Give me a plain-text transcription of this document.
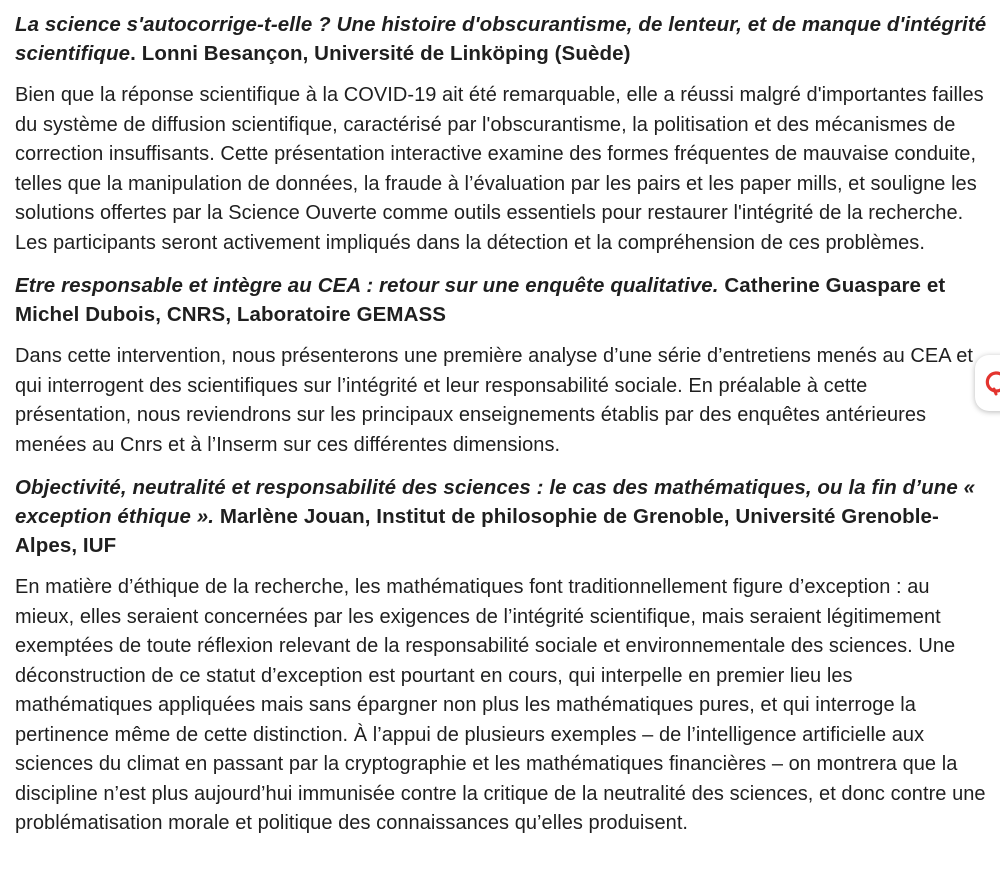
La science s'autocorrige-t-elle ? Une histoire d'obscurantisme, de lenteur, et de manque d'intégrité scientifique. Lonni Besançon, Université de Linköping (Suède)

Bien que la réponse scientifique à la COVID-19 ait été remarquable, elle a réussi malgré d'importantes failles du système de diffusion scientifique, caractérisé par l'obscurantisme, la politisation et des mécanismes de correction insuffisants. Cette présentation interactive examine des formes fréquentes de mauvaise conduite, telles que la manipulation de données, la fraude à l’évaluation par les pairs et les paper mills, et souligne les solutions offertes par la Science Ouverte comme outils essentiels pour restaurer l'intégrité de la recherche. Les participants seront activement impliqués dans la détection et la compréhension de ces problèmes.

Etre responsable et intègre au CEA : retour sur une enquête qualitative. Catherine Guaspare et Michel Dubois, CNRS, Laboratoire GEMASS

Dans cette intervention, nous présenterons une première analyse d’une série d’entretiens menés au CEA et qui interrogent des scientifiques sur l’intégrité et leur responsabilité sociale. En préalable à cette présentation, nous reviendrons sur les principaux enseignements établis par des enquêtes antérieures menées au Cnrs et à l’Inserm sur ces différentes dimensions.

Objectivité, neutralité et responsabilité des sciences : le cas des mathématiques, ou la fin d’une « exception éthique ». Marlène Jouan, Institut de philosophie de Grenoble, Université Grenoble-Alpes, IUF

En matière d’éthique de la recherche, les mathématiques font traditionnellement figure d’exception : au mieux, elles seraient concernées par les exigences de l’intégrité scientifique, mais seraient légitimement exemptées de toute réflexion relevant de la responsabilité sociale et environnementale des sciences. Une déconstruction de ce statut d’exception est pourtant en cours, qui interpelle en premier lieu les mathématiques appliquées mais sans épargner non plus les mathématiques pures, et qui interroge la pertinence même de cette distinction. À l’appui de plusieurs exemples – de l’intelligence artificielle aux sciences du climat en passant par la cryptographie et les mathématiques financières – on montrera que la discipline n’est plus aujourd’hui immunisée contre la critique de la neutralité des sciences, et donc contre une problématisation morale et politique des connaissances qu’elles produisent.
